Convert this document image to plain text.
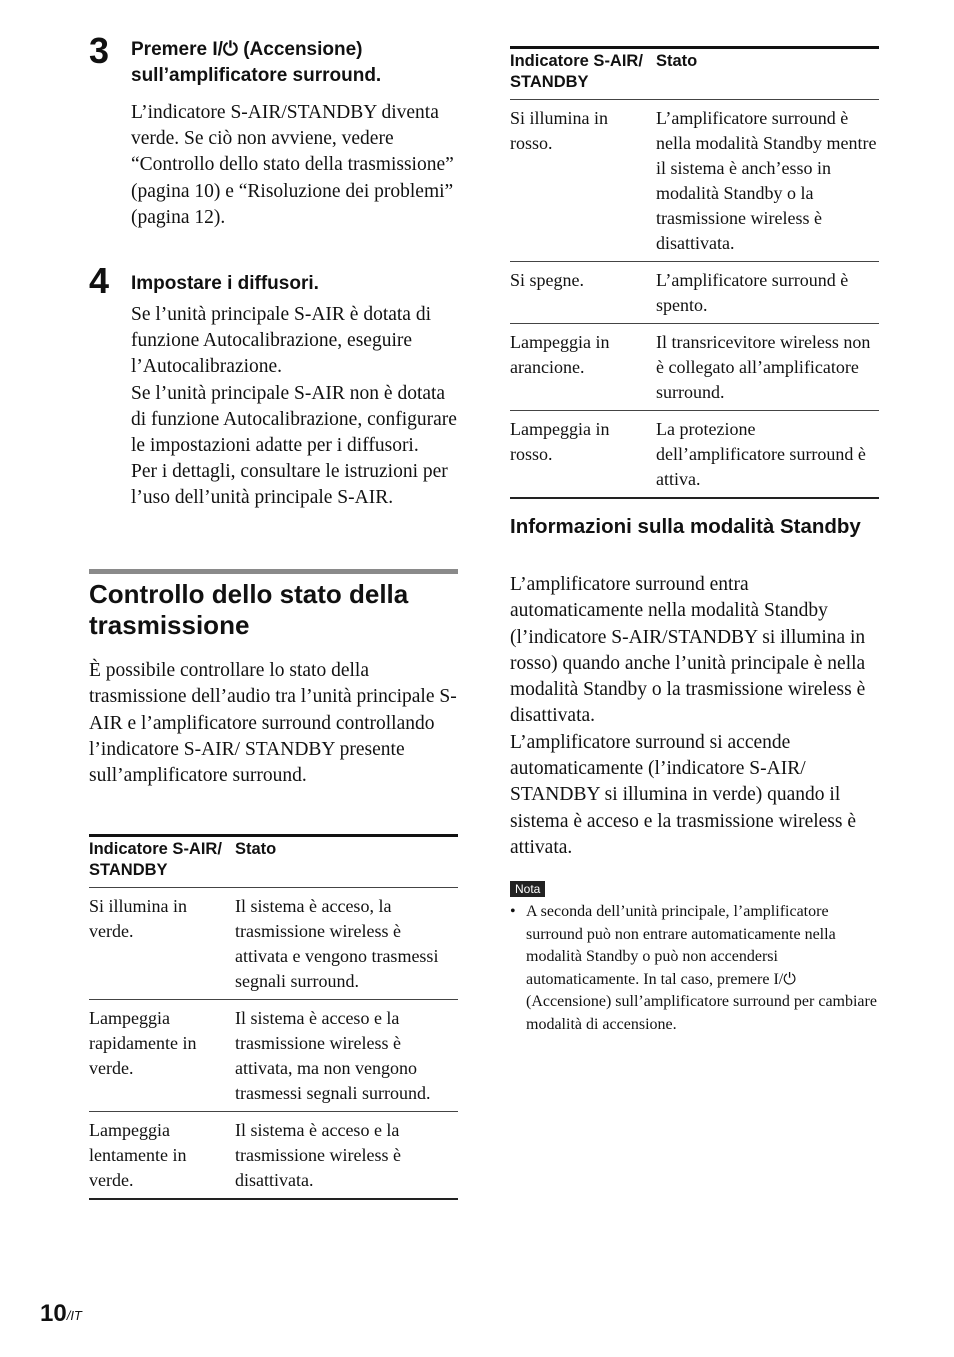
3 Premere I/⏻ (Accensione) sull’amplificatore surround.

L’indicatore S-AIR/STANDBY diventa verde. Se ciò non avviene, vedere “Controllo dello stato della trasmissione” (pagina 10) e “Risoluzione dei problemi” (pagina 12).

4 Impostare i diffusori.

Se l’unità principale S-AIR è dotata di funzione Autocalibrazione, eseguire l’Autocalibrazione.

Se l’unità principale S-AIR non è dotata di funzione Autocalibrazione, configurare le impostazioni adatte per i diffusori.

Per i dettagli, consultare le istruzioni per l’uso dell’unità principale S-AIR.

Controllo dello stato della trasmissione

È possibile controllare lo stato della trasmissione dell’audio tra l’unità principale S-AIR e l’amplificatore surround controllando l’indicatore S-AIR/ STANDBY presente sull’amplificatore surround.

Indicatore S-AIR/ STANDBY	Stato
Si illumina in verde.	Il sistema è acceso, la trasmissione wireless è attivata e vengono trasmessi segnali surround.
Lampeggia rapidamente in verde.	Il sistema è acceso e la trasmissione wireless è attivata, ma non vengono trasmessi segnali surround.
Lampeggia lentamente in verde.	Il sistema è acceso e la trasmissione wireless è disattivata.
Indicatore S-AIR/ STANDBY	Stato
Si illumina in rosso.	L’amplificatore surround è nella modalità Standby mentre il sistema è anch’esso in modalità Standby o la trasmissione wireless è disattivata.
Si spegne.	L’amplificatore surround è spento.
Lampeggia in arancione.	Il transricevitore wireless non è collegato all’amplificatore surround.
Lampeggia in rosso.	La protezione dell’amplificatore surround è attiva.
Informazioni sulla modalità Standby

L’amplificatore surround entra automaticamente nella modalità Standby (l’indicatore S-AIR/STANDBY si illumina in rosso) quando anche l’unità principale è nella modalità Standby o la trasmissione wireless è disattivata.

L’amplificatore surround si accende automaticamente (l’indicatore S-AIR/ STANDBY si illumina in verde) quando il sistema è acceso e la trasmissione wireless è attivata.

Nota
• A seconda dell’unità principale, l’amplificatore surround può non entrare automaticamente nella modalità Standby o può non accendersi automaticamente. In tal caso, premere I/⏻ (Accensione) sull’amplificatore surround per cambiare modalità di accensione.
$10^{/IT}$
